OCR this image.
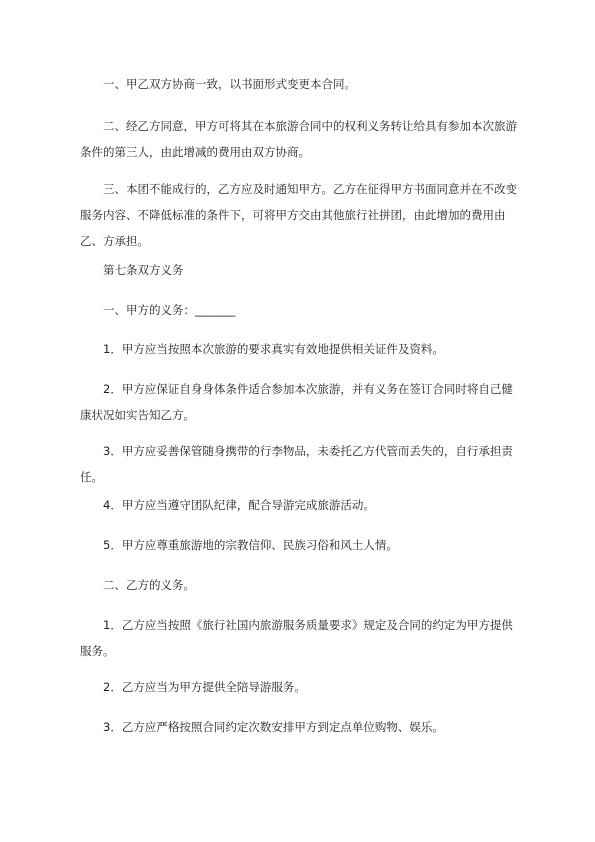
一、甲乙双方协商一致，以书面形式变更本合同。

二、经乙方同意，甲方可将其在本旅游合同中的权利义务转让给具有参加本次旅游条件的第三人，由此增减的费用由双方协商。

三、本团不能成行的，乙方应及时通知甲方。乙方在征得甲方书面同意并在不改变服务内容、不降低标准的条件下，可将甲方交由其他旅行社拼团，由此增加的费用由乙、方承担。

第七条双方义务

一、甲方的义务：_______

1．甲方应当按照本次旅游的要求真实有效地提供相关证件及资料。

2．甲方应保证自身身体条件适合参加本次旅游，并有义务在签订合同时将自己健康状况如实告知乙方。

3．甲方应妥善保管随身携带的行李物品，未委托乙方代管而丢失的，自行承担责任。

4．甲方应当遵守团队纪律，配合导游完成旅游活动。

5．甲方应尊重旅游地的宗教信仰、民族习俗和风土人情。

二、乙方的义务。

1．乙方应当按照《旅行社国内旅游服务质量要求》规定及合同的约定为甲方提供服务。

2．乙方应当为甲方提供全陪导游服务。

3．乙方应严格按照合同约定次数安排甲方到定点单位购物、娱乐。
